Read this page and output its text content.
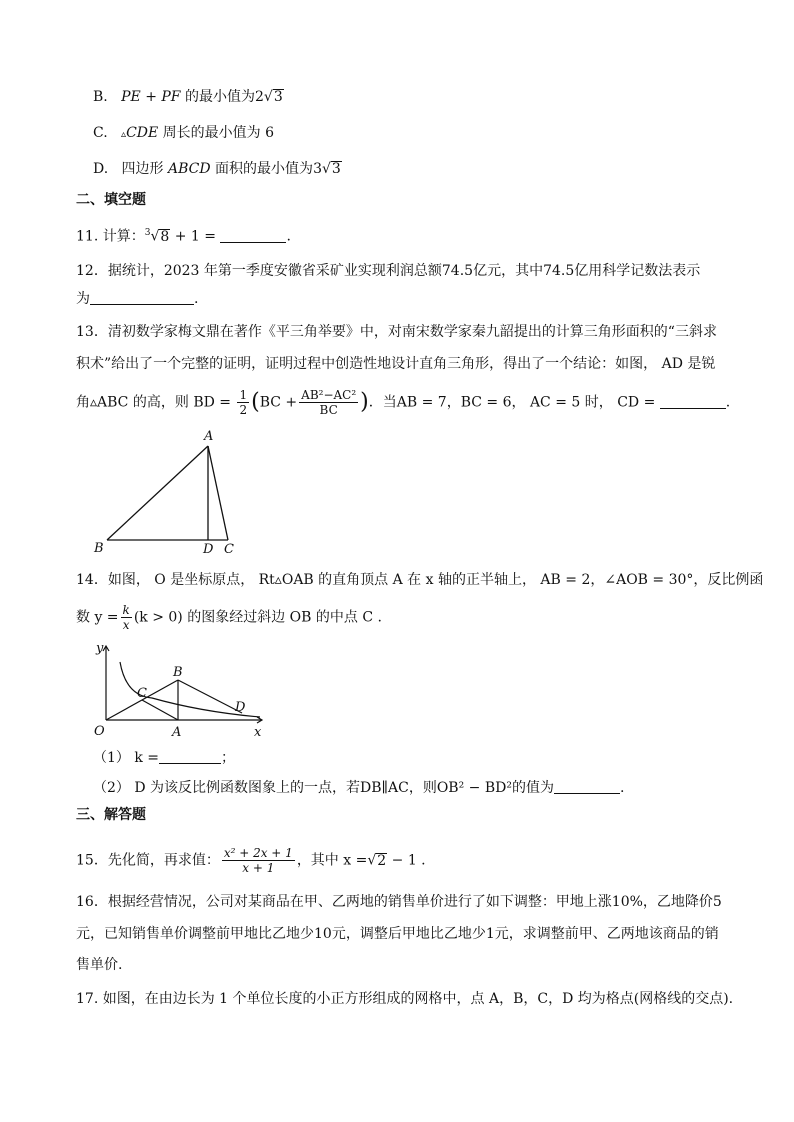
B. PE + PF 的最小值为2√3
C. ▵CDE 周长的最小值为 6
D. 四边形 ABCD 面积的最小值为3√3
二、填空题
11. 计算：$^3$√8 + 1 =	.
12．据统计，2023 年第一季度安徽省采矿业实现利润总额74.5亿元，其中74.5亿用科学记数法表示
为	.
13．清初数学家梅文鼎在著作《平三角举要》中，对南宋数学家秦九韶提出的计算三角形面积的“三斜求
积术”给出了一个完整的证明，证明过程中创造性地设计直角三角形，得出了一个结论：如图， AD 是锐
角▵ABC 的高，则 BD = $\frac{1}{2} (BC + \frac{\text{AB²−AC²}}{BC}$ )．当AB = 7，BC = 6， AC = 5 时， CD =	.
A
B	D C
14．如图， O 是坐标原点， Rt▵OAB 的直角顶点 A 在 x 轴的正半轴上， AB = 2，∠AOB = 30°，反比例函
数 $y = \frac{k}{x} (k > 0)$ 的图象经过斜边 OB 的中点 C .
y
x
O	A
B
C
D
（1） k =	；
（2） D 为该反比例函数图象上的一点，若DB∥AC，则OB² − BD²的值为	.
三、解答题
15．先化简，再求值： $\frac{\text{x² + 2x + 1}}{x + 1}$ ，其中 x =√2 − 1 .
16．根据经营情况，公司对某商品在甲、乙两地的销售单价进行了如下调整：甲地上涨10%，乙地降价5
元，已知销售单价调整前甲地比乙地少10元，调整后甲地比乙地少1元，求调整前甲、乙两地该商品的销
售单价.
17. 如图，在由边长为 1 个单位长度的小正方形组成的网格中，点 A，B，C，D 均为格点(网格线的交点).
